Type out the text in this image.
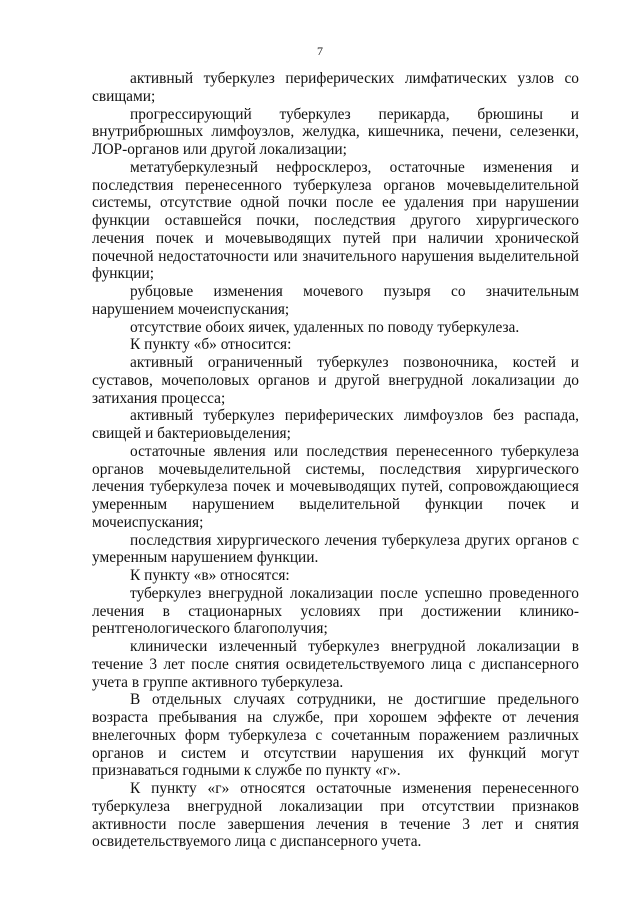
7

активный туберкулез периферических лимфатических узлов со свищами;

прогрессирующий туберкулез перикарда, брюшины и внутрибрюшных лимфоузлов, желудка, кишечника, печени, селезенки, ЛОР-органов или другой локализации;

метатуберкулезный нефросклероз, остаточные изменения и последствия перенесенного туберкулеза органов мочевыделительной системы, отсутствие одной почки после ее удаления при нарушении функции оставшейся почки, последствия другого хирургического лечения почек и мочевыводящих путей при наличии хронической почечной недостаточности или значительного нарушения выделительной функции;

рубцовые изменения мочевого пузыря со значительным нарушением мочеиспускания;

отсутствие обоих яичек, удаленных по поводу туберкулеза.

К пункту «б» относится:

активный ограниченный туберкулез позвоночника, костей и суставов, мочеполовых органов и другой внегрудной локализации до затихания процесса;

активный туберкулез периферических лимфоузлов без распада, свищей и бактериовыделения;

остаточные явления или последствия перенесенного туберкулеза органов мочевыделительной системы, последствия хирургического лечения туберкулеза почек и мочевыводящих путей, сопровождающиеся умеренным нарушением выделительной функции почек и мочеиспускания;

последствия хирургического лечения туберкулеза других органов с умеренным нарушением функции.

К пункту «в» относятся:

туберкулез внегрудной локализации после успешно проведенного лечения в стационарных условиях при достижении клинико-рентгенологического благополучия;

клинически излеченный туберкулез внегрудной локализации в течение 3 лет после снятия освидетельствуемого лица с диспансерного учета в группе активного туберкулеза.

В отдельных случаях сотрудники, не достигшие предельного возраста пребывания на службе, при хорошем эффекте от лечения внелегочных форм туберкулеза с сочетанным поражением различных органов и систем и отсутствии нарушения их функций могут признаваться годными к службе по пункту «г».

К пункту «г» относятся остаточные изменения перенесенного туберкулеза внегрудной локализации при отсутствии признаков активности после завершения лечения в течение 3 лет и снятия освидетельствуемого лица с диспансерного учета.
